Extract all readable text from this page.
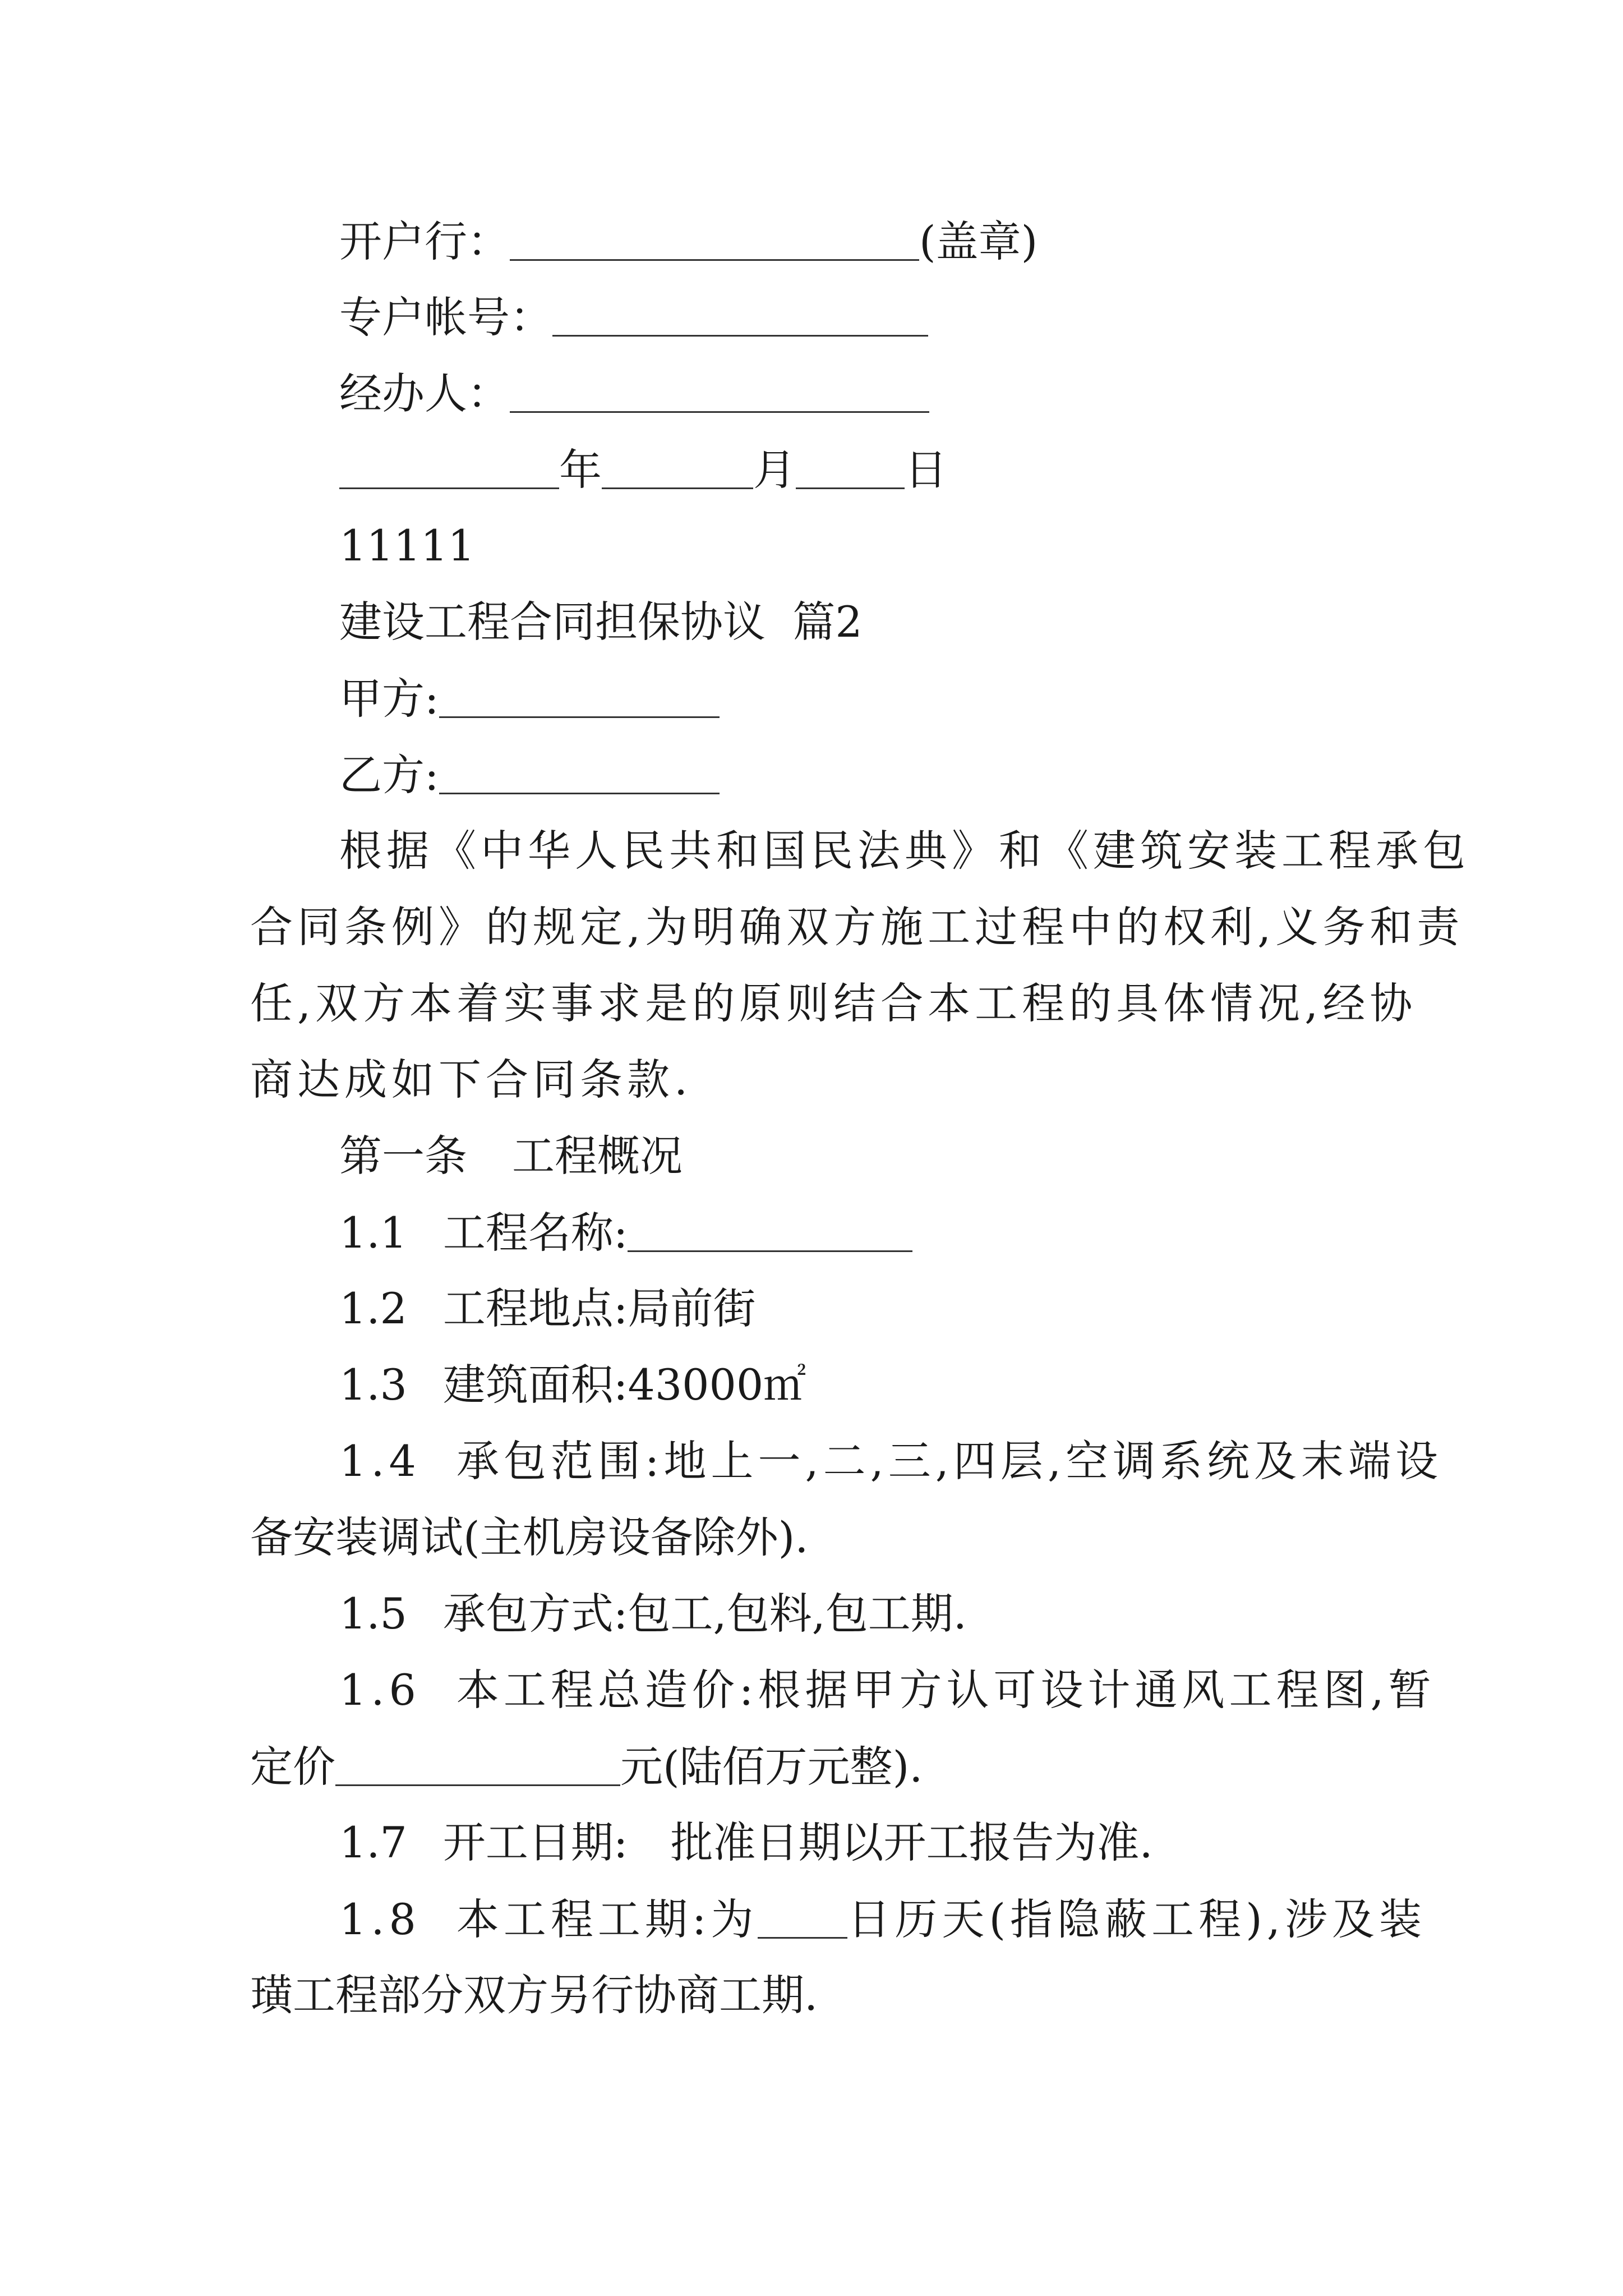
开户行：	(盖章)
专户帐号：
经办人：
年	月	日
11111
建设工程合同担保协议  篇2
甲方:
乙方:
根据《中华人民共和国民法典》和《建筑安装工程承包
合同条例》的规定,为明确双方施工过程中的权利,义务和责
任,双方本着实事求是的原则结合本工程的具体情况,经协
商达成如下合同条款.
第一条 工程概况
1.1 工程名称:
1.2 工程地点:局前街
1.3 建筑面积:43000㎡
1.4 承包范围:地上一,二,三,四层,空调系统及末端设
备安装调试(主机房设备除外).
1.5 承包方式:包工,包料,包工期.
1.6 本工程总造价:根据甲方认可设计通风工程图,暂
定价	元(陆佰万元整).
1.7 开工日期: 批准日期以开工报告为准.
1.8 本工程工期:为 日历天(指隐蔽工程),涉及装
璜工程部分双方另行协商工期.
